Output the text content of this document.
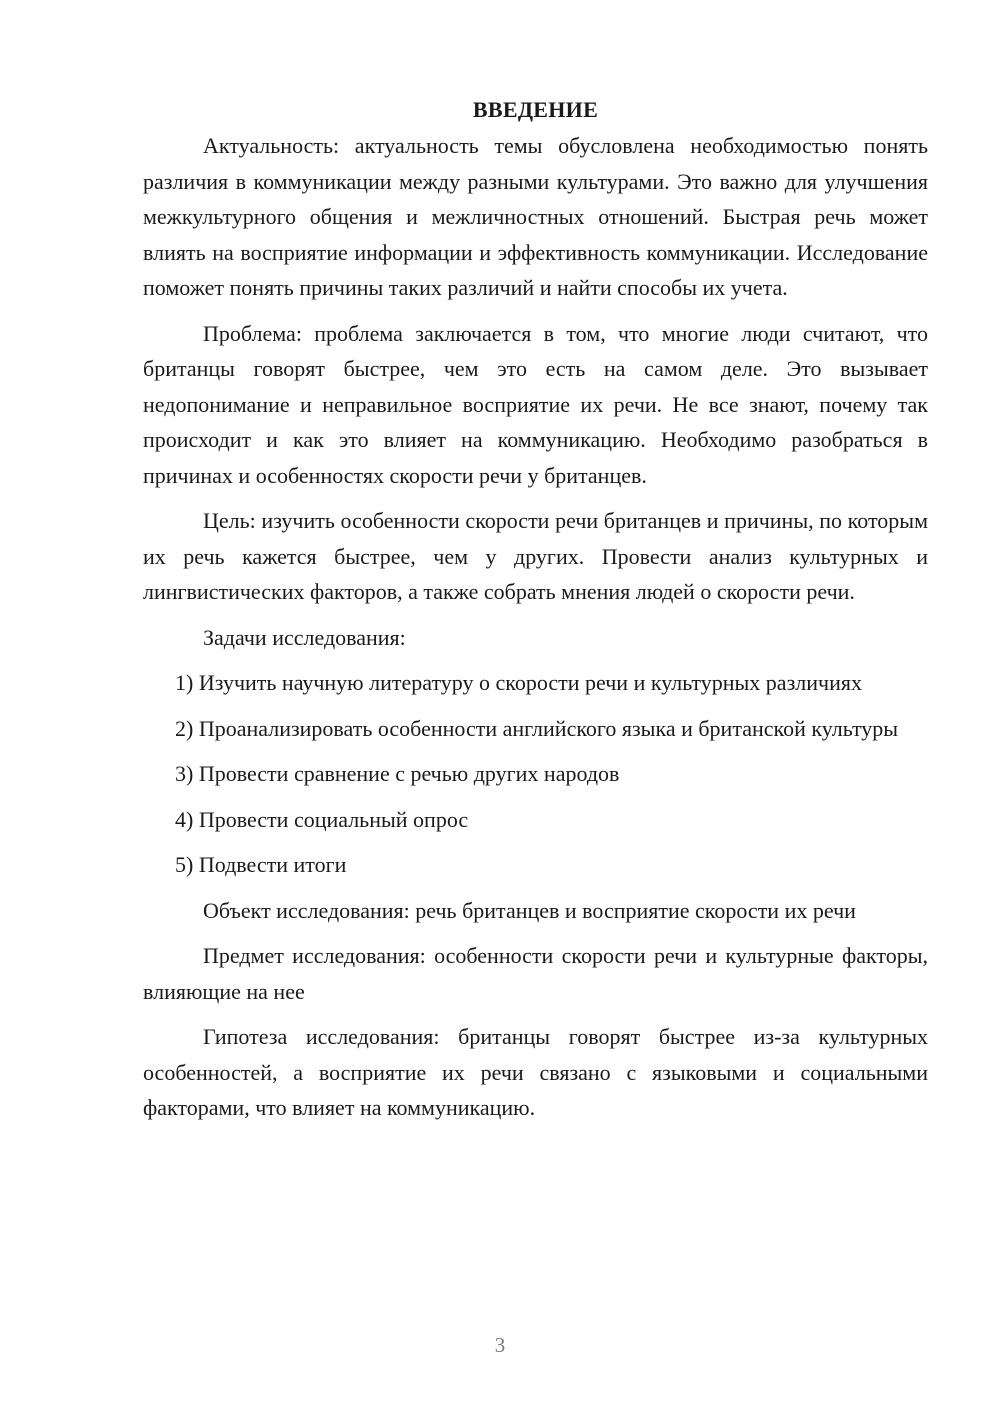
ВВЕДЕНИЕ

Актуальность: актуальность темы обусловлена необходимостью понять различия в коммуникации между разными культурами. Это важно для улучшения межкультурного общения и межличностных отношений. Быстрая речь может влиять на восприятие информации и эффективность коммуникации. Исследование поможет понять причины таких различий и найти способы их учета.

Проблема: проблема заключается в том, что многие люди считают, что британцы говорят быстрее, чем это есть на самом деле. Это вызывает недопонимание и неправильное восприятие их речи. Не все знают, почему так происходит и как это влияет на коммуникацию. Необходимо разобраться в причинах и особенностях скорости речи у британцев.

Цель: изучить особенности скорости речи британцев и причины, по которым их речь кажется быстрее, чем у других. Провести анализ культурных и лингвистических факторов, а также собрать мнения людей о скорости речи.

Задачи исследования:

1) Изучить научную литературу о скорости речи и культурных различиях

2) Проанализировать особенности английского языка и британской культуры

3) Провести сравнение с речью других народов

4) Провести социальный опрос

5) Подвести итоги

Объект исследования: речь британцев и восприятие скорости их речи

Предмет исследования: особенности скорости речи и культурные факторы, влияющие на нее

Гипотеза исследования: британцы говорят быстрее из-за культурных особенностей, а восприятие их речи связано с языковыми и социальными факторами, что влияет на коммуникацию.

3
